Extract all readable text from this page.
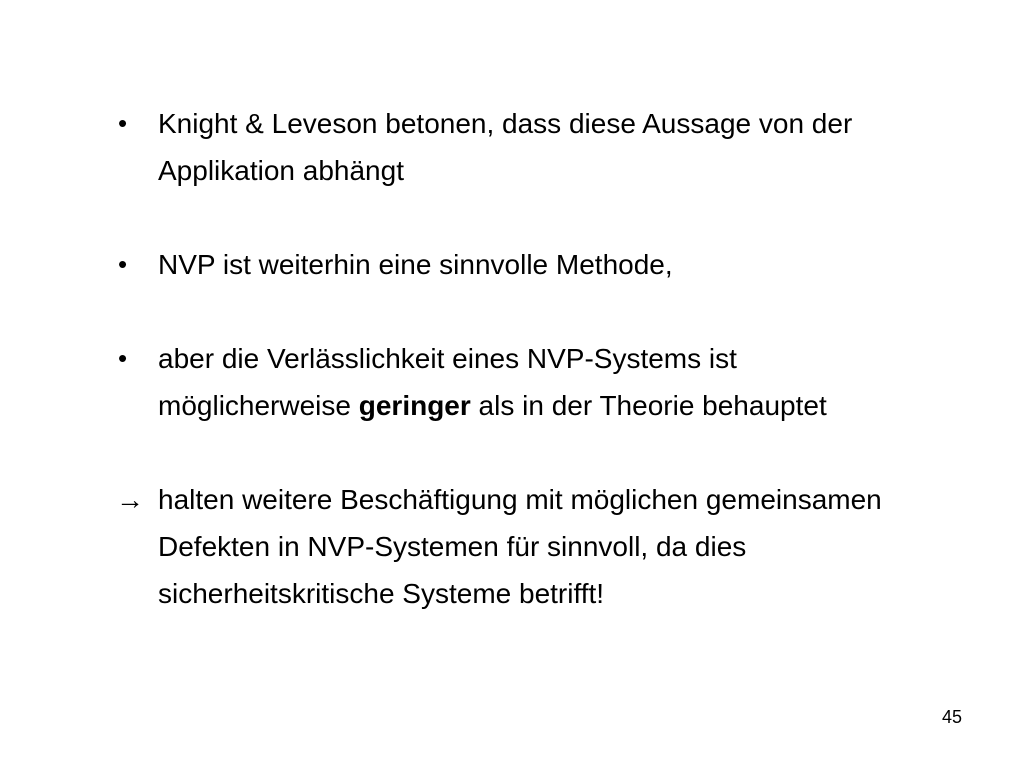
•	Knight & Leveson betonen, dass diese Aussage von der Applikation abhängt
•	NVP ist weiterhin eine sinnvolle Methode,
•	aber die Verlässlichkeit eines NVP-Systems ist möglicherweise geringer als in der Theorie behauptet
→ halten weitere Beschäftigung mit möglichen gemeinsamen Defekten in NVP-Systemen für sinnvoll, da dies sicherheitskritische Systeme betrifft!
45
